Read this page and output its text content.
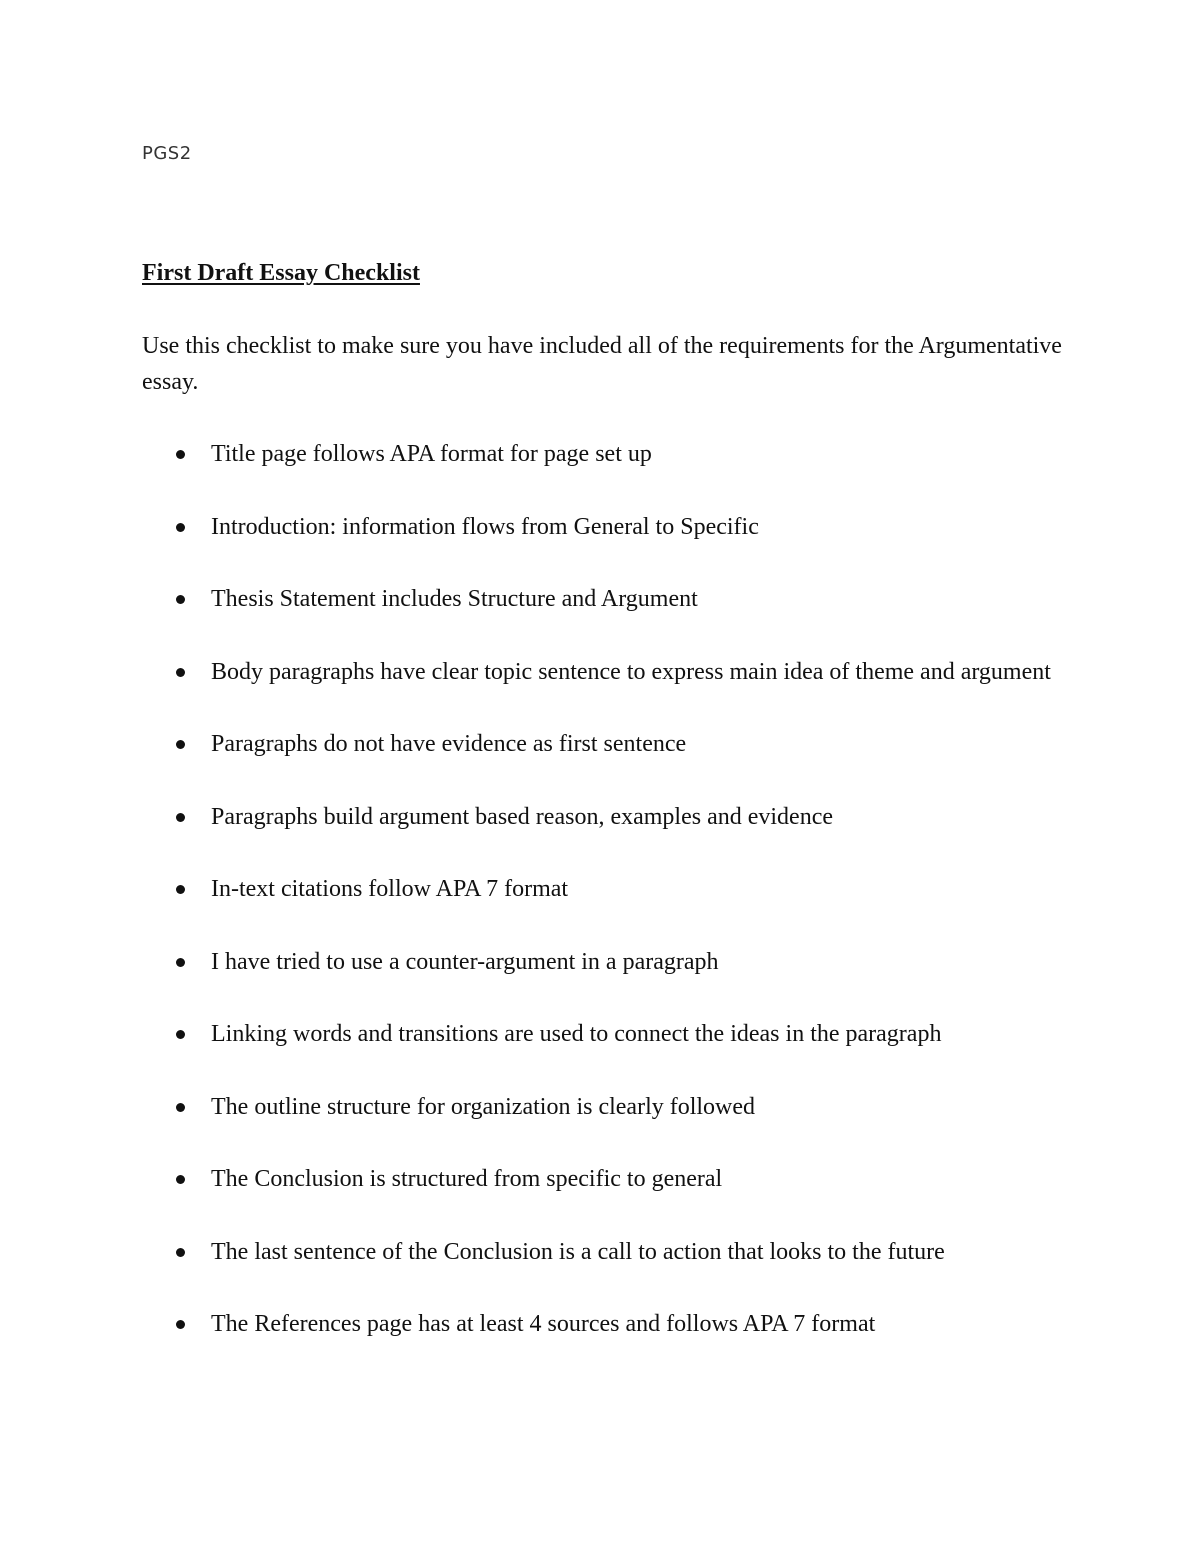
PGS2
First Draft Essay Checklist

Use this checklist to make sure you have included all of the requirements for the Argumentative essay.

Title page follows APA format for page set up
Introduction: information flows from General to Specific
Thesis Statement includes Structure and Argument
Body paragraphs have clear topic sentence to express main idea of theme and argument
Paragraphs do not have evidence as first sentence
Paragraphs build argument based reason, examples and evidence
In-text citations follow APA 7 format
I have tried to use a counter-argument in a paragraph
Linking words and transitions are used to connect the ideas in the paragraph
The outline structure for organization is clearly followed
The Conclusion is structured from specific to general
The last sentence of the Conclusion is a call to action that looks to the future
The References page has at least 4 sources and follows APA 7 format
